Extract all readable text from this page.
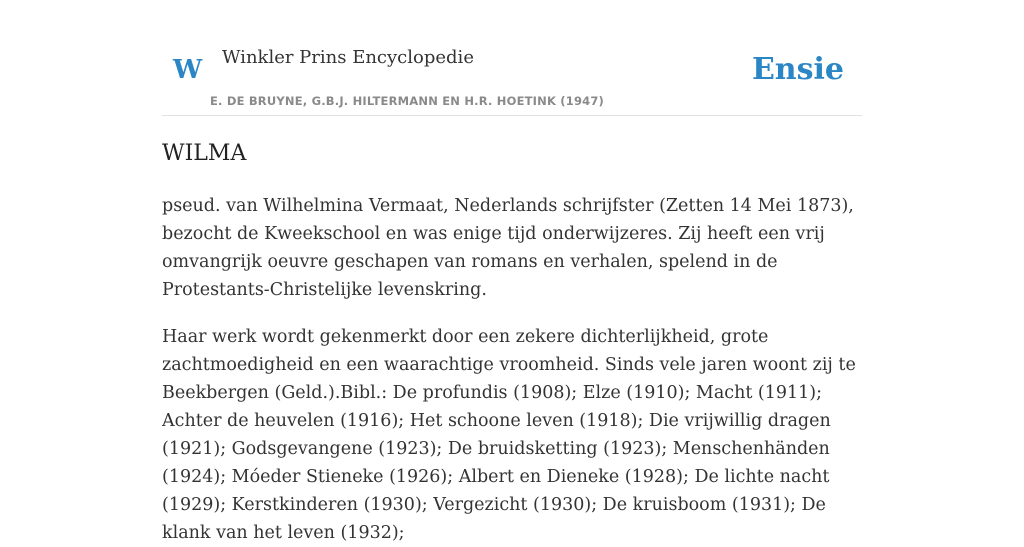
W Winkler Prins Encyclopedie
E. DE BRUYNE, G.B.J. HILTERMANN EN H.R. HOETINK (1947)
Ensie
WILMA

pseud. van Wilhelmina Vermaat, Nederlands schrijfster (Zetten 14 Mei 1873), bezocht de Kweekschool en was enige tijd onderwijzeres. Zij heeft een vrij omvangrijk oeuvre geschapen van romans en verhalen, spelend in de Protestants-Christelijke levenskring.

Haar werk wordt gekenmerkt door een zekere dichterlijkheid, grote zachtmoedigheid en een waarachtige vroomheid. Sinds vele jaren woont zij te Beekbergen (Geld.).Bibl.: De profundis (1908); Elze (1910); Macht (1911); Achter de heuvelen (1916); Het schoone leven (1918); Die vrijwillig dragen (1921); Godsgevangene (1923); De bruidsketting (1923); Menschenhänden (1924); Móeder Stieneke (1926); Albert en Dieneke (1928); De lichte nacht (1929); Kerstkinderen (1930); Vergezicht (1930); De kruisboom (1931); De klank van het leven (1932);
